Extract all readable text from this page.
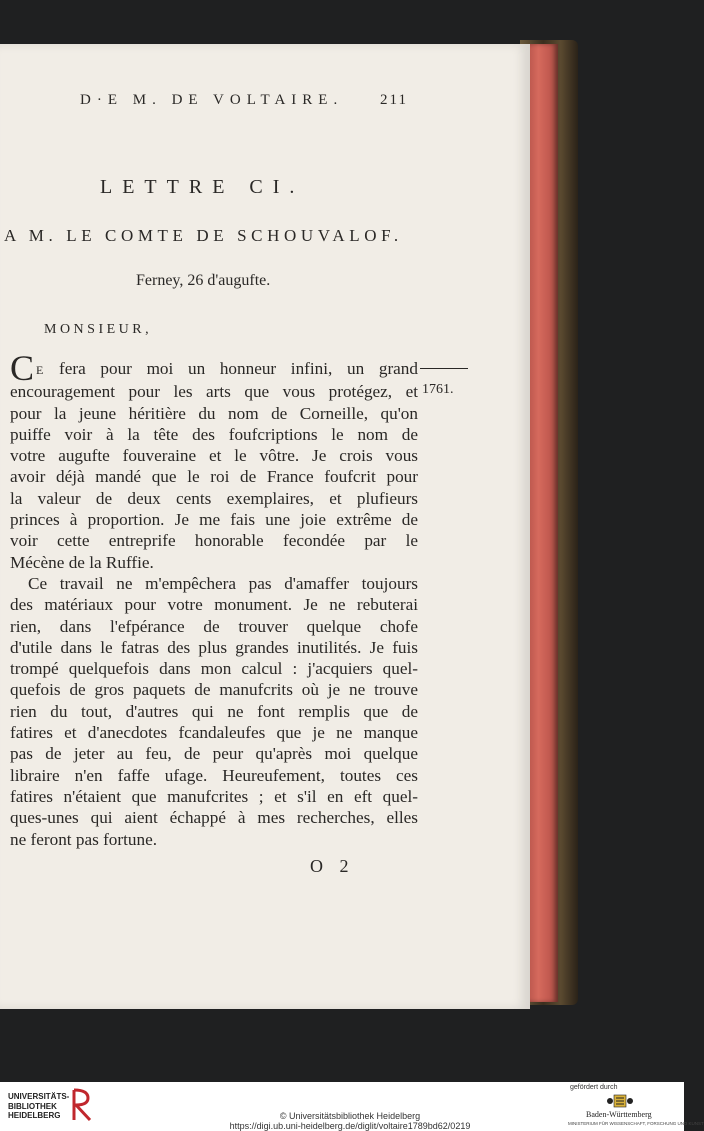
D·E M. DE VOLTAIRE. 211
LETTRE CI.
A M. LE COMTE DE SCHOUVALOF.
Ferney, 26 d'augufte.
MONSIEUR,
1761.
C E fera pour moi un honneur infini, un grand
encouragement pour les arts que vous protégez, et
pour la jeune héritière du nom de Corneille, qu'on
puiffe voir à la tête des foufcriptions le nom de
votre augufte fouveraine et le vôtre. Je crois vous
avoir déjà mandé que le roi de France foufcrit pour
la valeur de deux cents exemplaires, et plufieurs
princes à proportion. Je me fais une joie extrême de
voir cette entreprife honorable fecondée par le
Mécène de la Ruffie.
Ce travail ne m'empêchera pas d'amaffer toujours
des matériaux pour votre monument. Je ne rebuterai
rien, dans l'efpérance de trouver quelque chofe
d'utile dans le fatras des plus grandes inutilités. Je fuis
trompé quelquefois dans mon calcul : j'acquiers quel-
quefois de gros paquets de manufcrits où je ne trouve
rien du tout, d'autres qui ne font remplis que de
fatires et d'anecdotes fcandaleufes que je ne manque
pas de jeter au feu, de peur qu'après moi quelque
libraire n'en faffe ufage. Heureufement, toutes ces
fatires n'étaient que manufcrites ; et s'il en eft quel-
ques-unes qui aient échappé à mes recherches, elles
ne feront pas fortune.
O 2
UNIVERSITÄTS-
BIBLIOTHEK
HEIDELBERG	© Universitätsbibliothek Heidelberg
https://digi.ub.uni-heidelberg.de/diglit/voltaire1789bd62/0219
gefördert durch
Baden-Württemberg
MINISTERIUM FÜR WISSENSCHAFT, FORSCHUNG UND KUNST
